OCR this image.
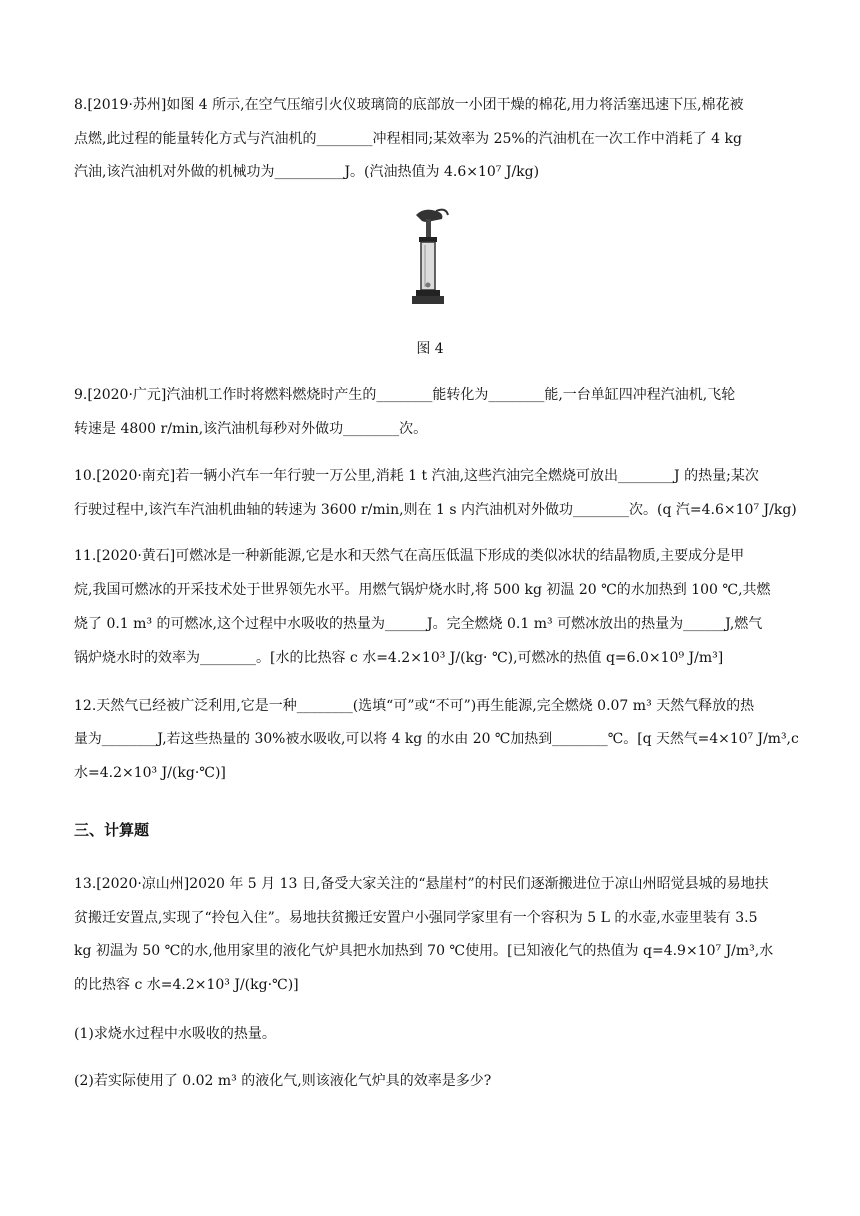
8.[2019·苏州]如图 4 所示,在空气压缩引火仪玻璃筒的底部放一小团干燥的棉花,用力将活塞迅速下压,棉花被
点燃,此过程的能量转化方式与汽油机的________冲程相同;某效率为 25%的汽油机在一次工作中消耗了 4 kg
汽油,该汽油机对外做的机械功为__________J。(汽油热值为 4.6×10⁷ J/kg)
图 4
9.[2020·广元]汽油机工作时将燃料燃烧时产生的________能转化为________能,一台单缸四冲程汽油机,飞轮
转速是 4800 r/min,该汽油机每秒对外做功________次。
10.[2020·南充]若一辆小汽车一年行驶一万公里,消耗 1 t 汽油,这些汽油完全燃烧可放出________J 的热量;某次
行驶过程中,该汽车汽油机曲轴的转速为 3600 r/min,则在 1 s 内汽油机对外做功________次。(q 汽=4.6×10⁷ J/kg)
11.[2020·黄石]可燃冰是一种新能源,它是水和天然气在高压低温下形成的类似冰状的结晶物质,主要成分是甲
烷,我国可燃冰的开采技术处于世界领先水平。用燃气锅炉烧水时,将 500 kg 初温 20 ℃的水加热到 100 ℃,共燃
烧了 0.1 m³ 的可燃冰,这个过程中水吸收的热量为______J。完全燃烧 0.1 m³ 可燃冰放出的热量为______J,燃气
锅炉烧水时的效率为________。[水的比热容 c 水=4.2×10³ J/(kg· ℃),可燃冰的热值 q=6.0×10⁹ J/m³]
12.天然气已经被广泛利用,它是一种________(选填“可”或“不可”)再生能源,完全燃烧 0.07 m³ 天然气释放的热
量为________J,若这些热量的 30%被水吸收,可以将 4 kg 的水由 20 ℃加热到________℃。[q 天然气=4×10⁷ J/m³,c
水=4.2×10³ J/(kg·℃)]
三、计算题
13.[2020·凉山州]2020 年 5 月 13 日,备受大家关注的“悬崖村”的村民们逐渐搬进位于凉山州昭觉县城的易地扶
贫搬迁安置点,实现了“拎包入住”。易地扶贫搬迁安置户小强同学家里有一个容积为 5 L 的水壶,水壶里装有 3.5
kg 初温为 50 ℃的水,他用家里的液化气炉具把水加热到 70 ℃使用。[已知液化气的热值为 q=4.9×10⁷ J/m³,水
的比热容 c 水=4.2×10³ J/(kg·℃)]
(1)求烧水过程中水吸收的热量。
(2)若实际使用了 0.02 m³ 的液化气,则该液化气炉具的效率是多少?
